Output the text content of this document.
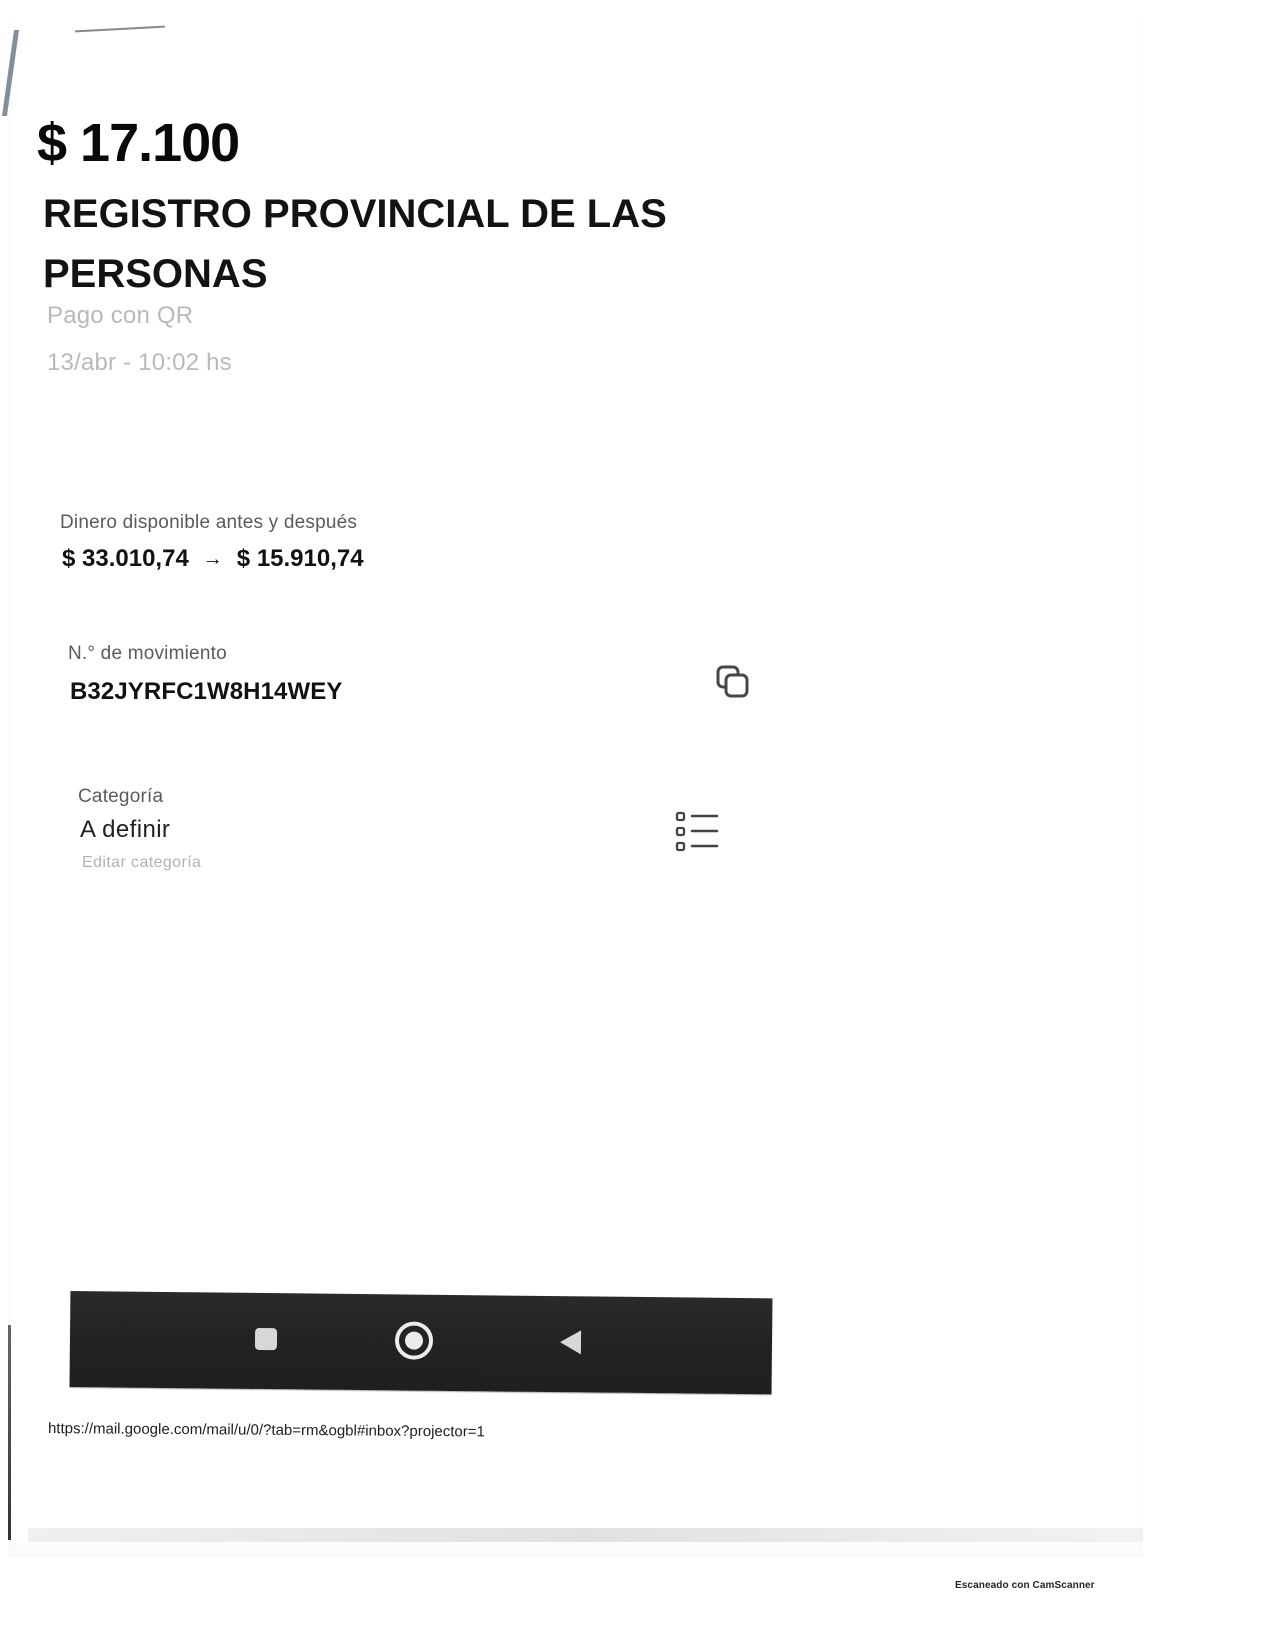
$ 17.100
REGISTRO PROVINCIAL DE LAS PERSONAS
Pago con QR
13/abr - 10:02 hs
Dinero disponible antes y después
$ 33.010,74 → $ 15.910,74
N.° de movimiento
B32JYRFC1W8H14WEY
Categoría
A definir
Editar categoría
https://mail.google.com/mail/u/0/?tab=rm&ogbl#inbox?projector=1
Escaneado con CamScanner
